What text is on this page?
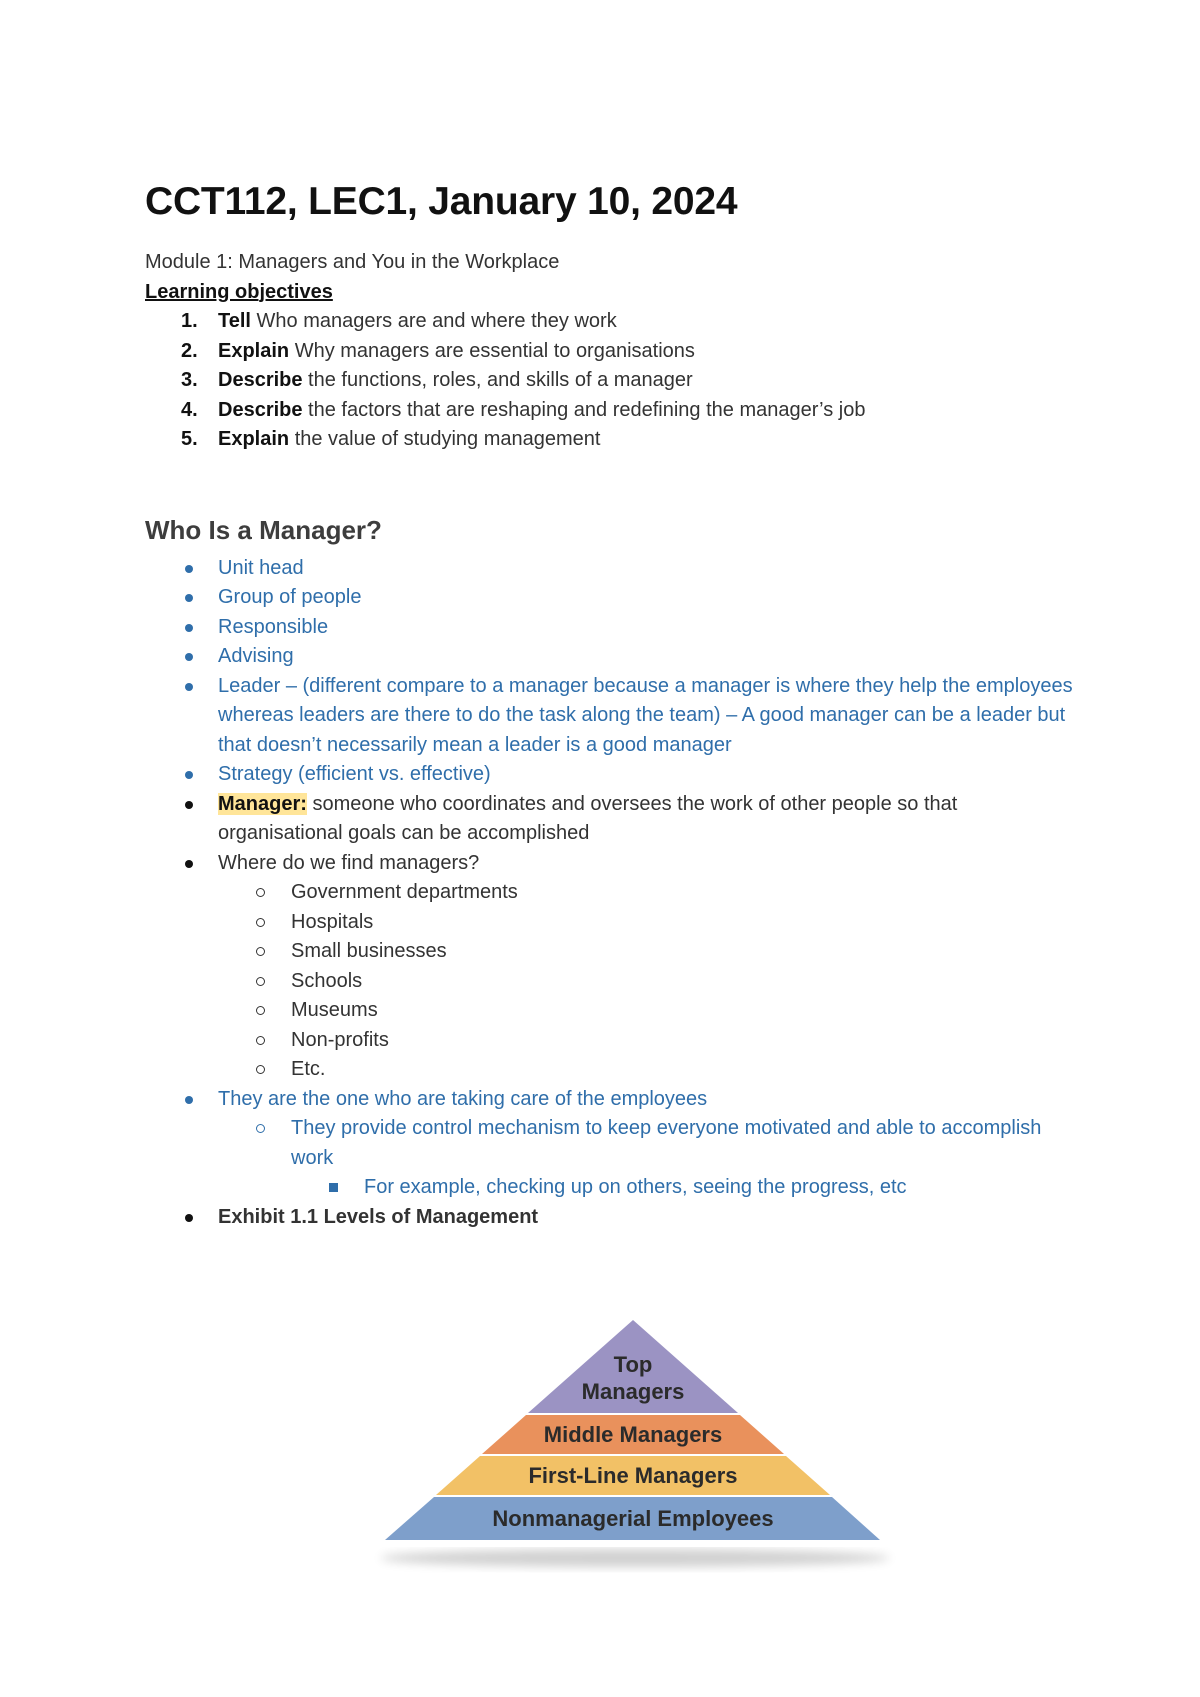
CCT112, LEC1, January 10, 2024
Module 1: Managers and You in the Workplace
Learning objectives
1. Tell Who managers are and where they work
2. Explain Why managers are essential to organisations
3. Describe the functions, roles, and skills of a manager
4. Describe the factors that are reshaping and redefining the manager’s job
5. Explain the value of studying management
Who Is a Manager?
Unit head
Group of people
Responsible
Advising
Leader – (different compare to a manager because a manager is where they help the employees whereas leaders are there to do the task along the team) – A good manager can be a leader but that doesn’t necessarily mean a leader is a good manager
Strategy (efficient vs. effective)
Manager: someone who coordinates and oversees the work of other people so that organisational goals can be accomplished
Where do we find managers?
Government departments
Hospitals
Small businesses
Schools
Museums
Non-profits
Etc.
They are the one who are taking care of the employees
They provide control mechanism to keep everyone motivated and able to accomplish work
For example, checking up on others, seeing the progress, etc
Exhibit 1.1 Levels of Management
Top
Managers
Middle Managers
First-Line Managers
Nonmanagerial Employees
